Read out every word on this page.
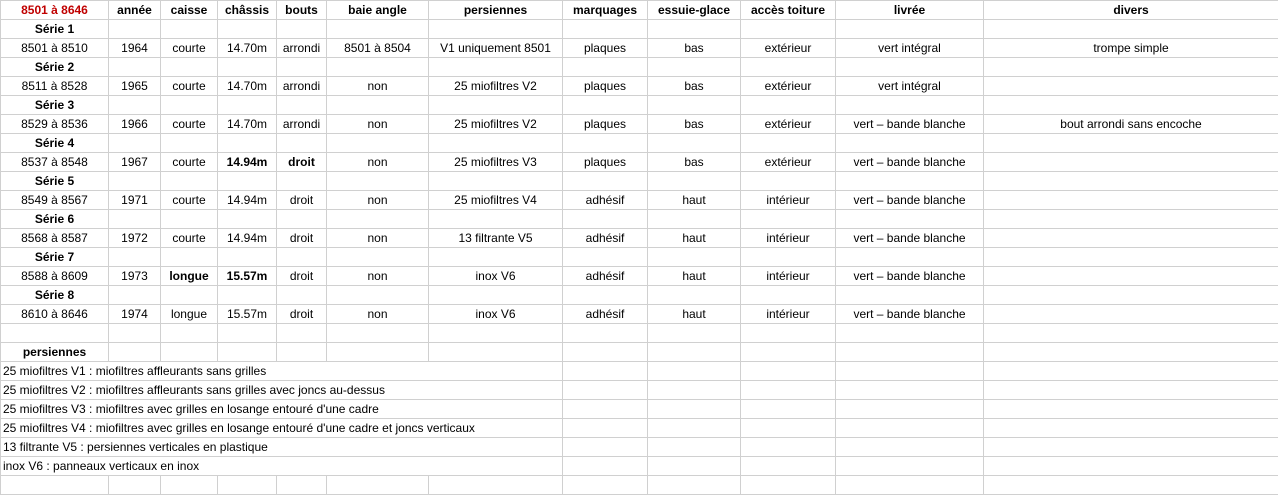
8501 à 8646	année	caisse	châssis	bouts	baie angle	persiennes	marquages	essuie-glace	accès toiture	livrée	divers
Série 1											
8501 à 8510	1964	courte	14.70m	arrondi	8501 à 8504	V1 uniquement 8501	plaques	bas	extérieur	vert intégral	trompe simple
Série 2											
8511 à 8528	1965	courte	14.70m	arrondi	non	25 miofiltres V2	plaques	bas	extérieur	vert intégral	
Série 3											
8529 à 8536	1966	courte	14.70m	arrondi	non	25 miofiltres V2	plaques	bas	extérieur	vert – bande blanche	bout arrondi sans encoche
Série 4											
8537 à 8548	1967	courte	14.94m	droit	non	25 miofiltres V3	plaques	bas	extérieur	vert – bande blanche	
Série 5											
8549 à 8567	1971	courte	14.94m	droit	non	25 miofiltres V4	adhésif	haut	intérieur	vert – bande blanche	
Série 6											
8568 à 8587	1972	courte	14.94m	droit	non	13 filtrante V5	adhésif	haut	intérieur	vert – bande blanche	
Série 7											
8588 à 8609	1973	longue	15.57m	droit	non	inox V6	adhésif	haut	intérieur	vert – bande blanche	
Série 8											
8610 à 8646	1974	longue	15.57m	droit	non	inox V6	adhésif	haut	intérieur	vert – bande blanche	

persiennes											
25 miofiltres V1 : miofiltres affleurants sans grilles											
25 miofiltres V2 : miofiltres affleurants sans grilles avec joncs au-dessus											
25 miofiltres V3 : miofiltres avec grilles en losange entouré d'une cadre											
25 miofiltres V4 : miofiltres avec grilles en losange entouré d'une cadre et joncs verticaux											
13 filtrante V5 : persiennes verticales en plastique											
inox V6 : panneaux verticaux en inox											
